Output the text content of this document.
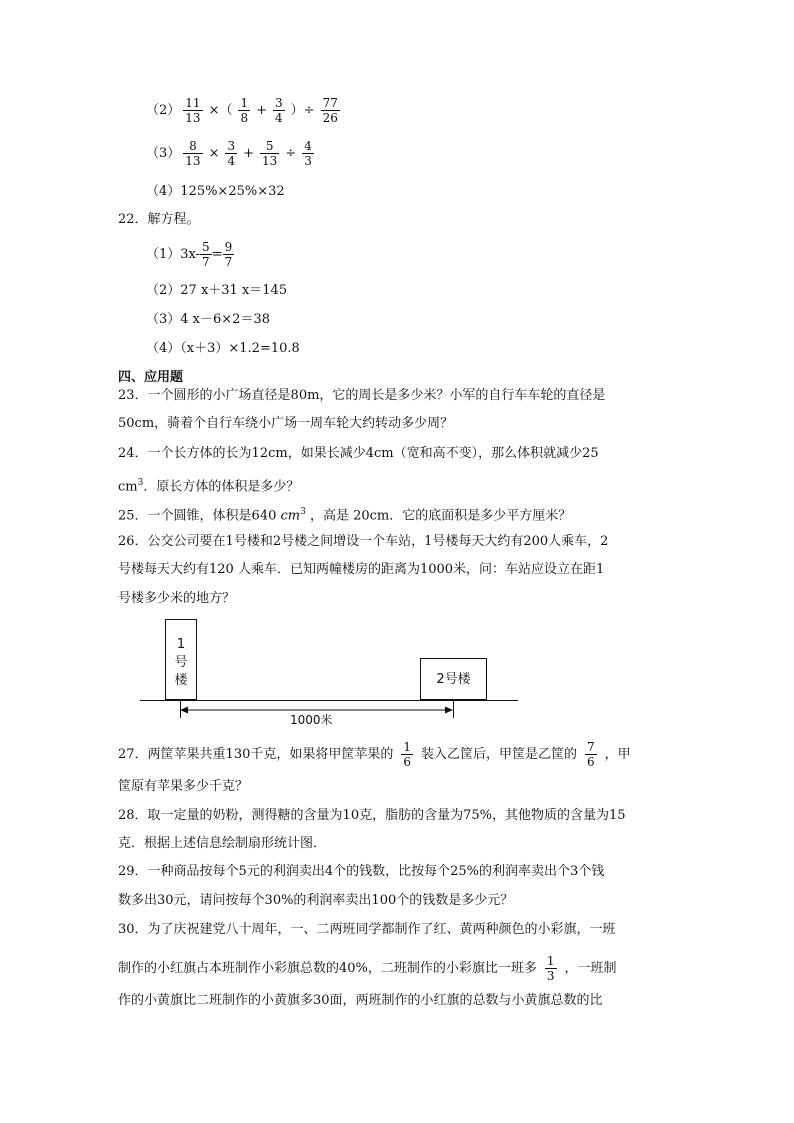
$(2) \frac{11}{13}$ ×（ $\frac{1}{8} + \frac{3}{4}$ ）÷ $\frac{77}{26}$
$(3) \frac{8}{13} \times \frac{3}{4} + \frac{5}{13} \div \frac{4}{3}$
（4）125%×25%×32
22．解方程。
$(1)3x- \frac{5}{7} = \frac{9}{7}$
（2）27 x＋31 x＝145
（3）4 x－6×2＝38
（4）（x＋3）×1.2=10.8
四、应用题
23．一个圆形的小广场直径是80m，它的周长是多少米？小军的自行车车轮的直径是
50cm，骑着个自行车绕小广场一周车轮大约转动多少周？
24．一个长方体的长为12cm，如果长减少4cm（宽和高不变），那么体积就减少25
$cm^3$．原长方体的体积是多少？
25．一个圆锥，体积是640 $cm^3$ ，高是 20cm．它的底面积是多少平方厘米？
26．公交公司要在1号楼和2号楼之间增设一个车站，1号楼每天大约有200人乘车，2
号楼每天大约有120 人乘车．已知两幢楼房的距离为1000米，问：车站应设立在距1
号楼多少米的地方？
1
号
楼	2号楼
1000米
27．两筐苹果共重130千克，如果将甲筐苹果的 $\frac{1}{6}$ 装入乙筐后，甲筐是乙筐的 $\frac{7}{6}$ ，甲
筐原有苹果多少千克？
28．取一定量的奶粉，测得糖的含量为10克，脂肪的含量为75%，其他物质的含量为15
克．根据上述信息绘制扇形统计图．
29．一种商品按每个5元的利润卖出4个的钱数，比按每个25%的利润率卖出个3个钱
数多出30元，请问按每个30%的利润率卖出100个的钱数是多少元？
30．为了庆祝建党八十周年，一、二两班同学都制作了红、黄两种颜色的小彩旗，一班
制作的小红旗占本班制作小彩旗总数的40%，二班制作的小彩旗比一班多 $\frac{1}{3}$ ，一班制
作的小黄旗比二班制作的小黄旗多30面，两班制作的小红旗的总数与小黄旗总数的比
